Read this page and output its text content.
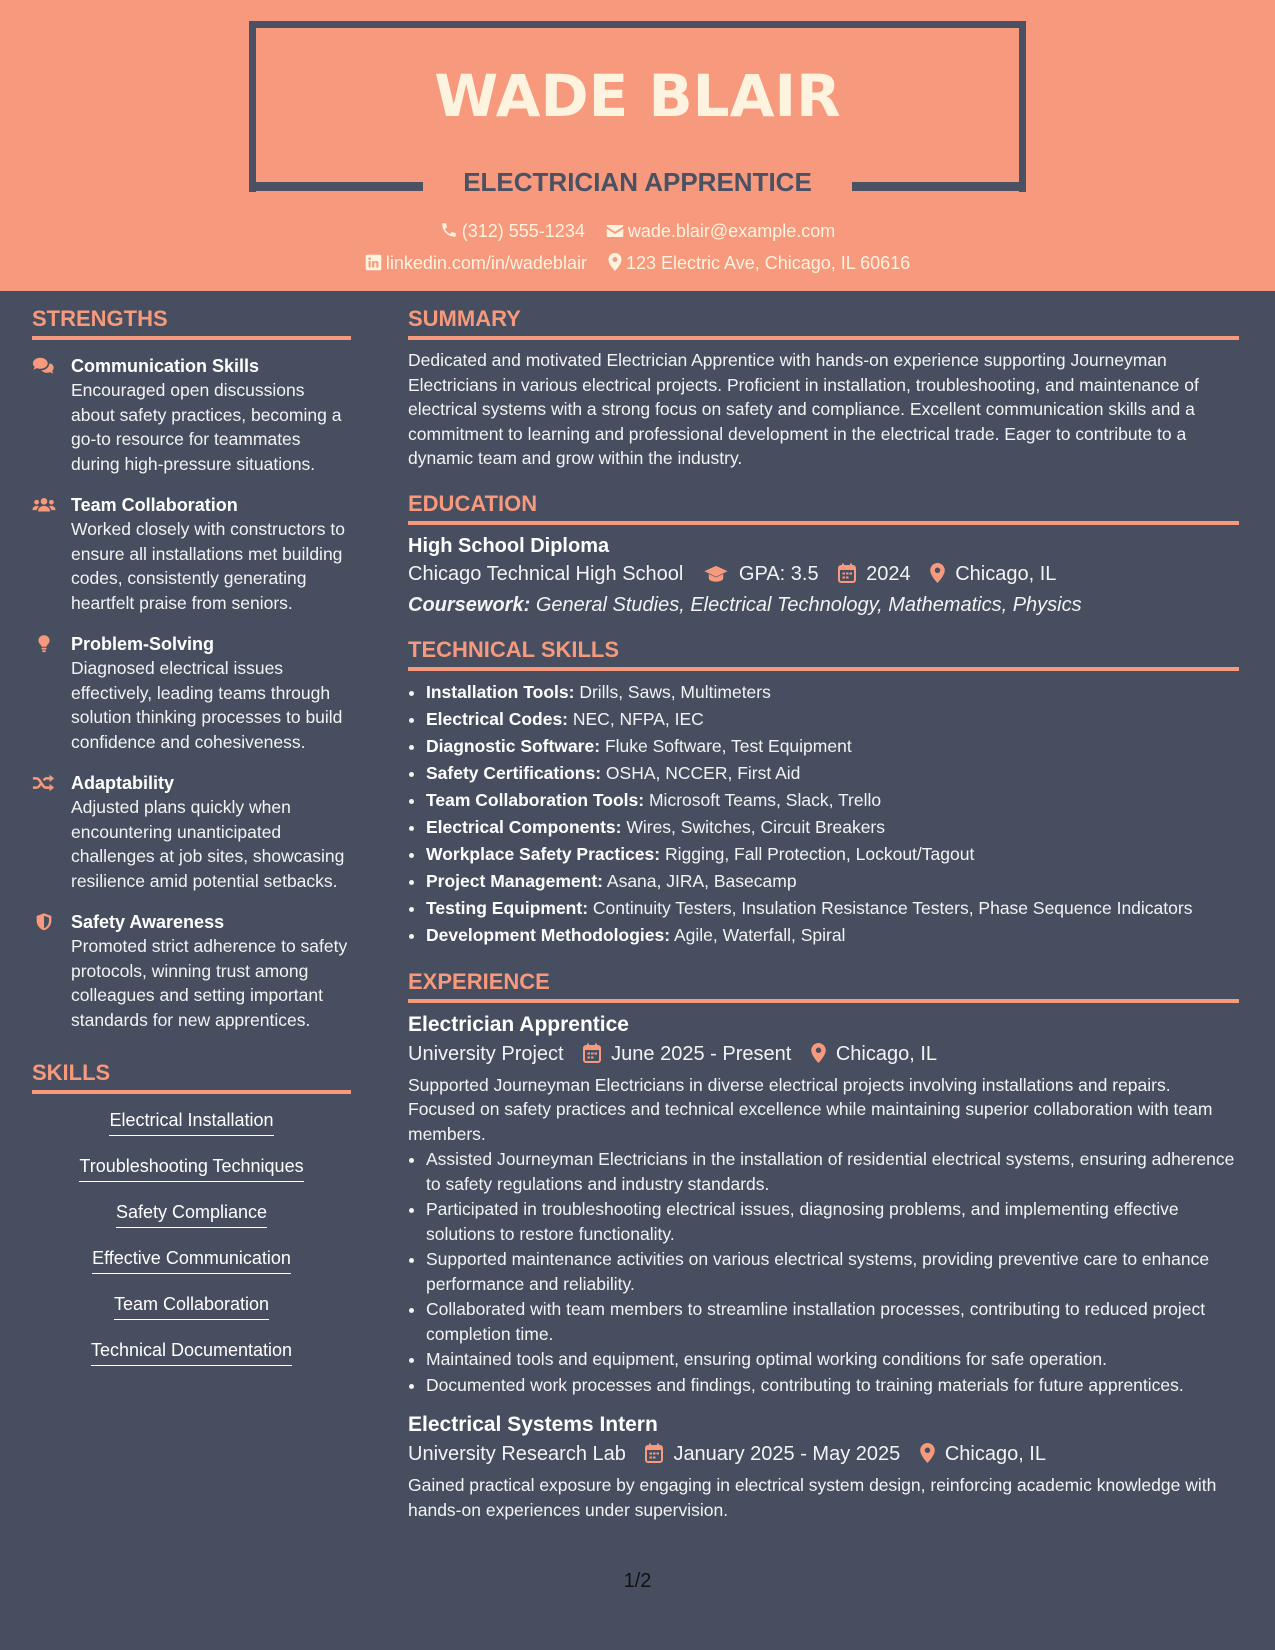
WADE BLAIR
ELECTRICIAN APPRENTICE
(312) 555-1234 wade.blair@example.com
linkedin.com/in/wadeblair 123 Electric Ave, Chicago, IL 60616
STRENGTHS
Communication Skills
Encouraged open discussions about safety practices, becoming a go-to resource for teammates during high-pressure situations.
Team Collaboration
Worked closely with constructors to ensure all installations met building codes, consistently generating heartfelt praise from seniors.
Problem-Solving
Diagnosed electrical issues effectively, leading teams through solution thinking processes to build confidence and cohesiveness.
Adaptability
Adjusted plans quickly when encountering unanticipated challenges at job sites, showcasing resilience amid potential setbacks.
Safety Awareness
Promoted strict adherence to safety protocols, winning trust among colleagues and setting important standards for new apprentices.
SKILLS
Electrical Installation
Troubleshooting Techniques
Safety Compliance
Effective Communication
Team Collaboration
Technical Documentation
SUMMARY
Dedicated and motivated Electrician Apprentice with hands-on experience supporting Journeyman Electricians in various electrical projects. Proficient in installation, troubleshooting, and maintenance of electrical systems with a strong focus on safety and compliance. Excellent communication skills and a commitment to learning and professional development in the electrical trade. Eager to contribute to a dynamic team and grow within the industry.
EDUCATION
High School Diploma
Chicago Technical High School	GPA: 3.5 2024 Chicago, IL
Coursework: General Studies, Electrical Technology, Mathematics, Physics
TECHNICAL SKILLS
• Installation Tools: Drills, Saws, Multimeters
• Electrical Codes: NEC, NFPA, IEC
• Diagnostic Software: Fluke Software, Test Equipment
• Safety Certifications: OSHA, NCCER, First Aid
• Team Collaboration Tools: Microsoft Teams, Slack, Trello
• Electrical Components: Wires, Switches, Circuit Breakers
• Workplace Safety Practices: Rigging, Fall Protection, Lockout/Tagout
• Project Management: Asana, JIRA, Basecamp
• Testing Equipment: Continuity Testers, Insulation Resistance Testers, Phase Sequence Indicators
• Development Methodologies: Agile, Waterfall, Spiral
EXPERIENCE
Electrician Apprentice
University Project June 2025 - Present Chicago, IL
Supported Journeyman Electricians in diverse electrical projects involving installations and repairs. Focused on safety practices and technical excellence while maintaining superior collaboration with team members.
• Assisted Journeyman Electricians in the installation of residential electrical systems, ensuring adherence to safety regulations and industry standards.
• Participated in troubleshooting electrical issues, diagnosing problems, and implementing effective solutions to restore functionality.
• Supported maintenance activities on various electrical systems, providing preventive care to enhance performance and reliability.
• Collaborated with team members to streamline installation processes, contributing to reduced project completion time.
• Maintained tools and equipment, ensuring optimal working conditions for safe operation.
• Documented work processes and findings, contributing to training materials for future apprentices.
Electrical Systems Intern
University Research Lab January 2025 - May 2025 Chicago, IL
Gained practical exposure by engaging in electrical system design, reinforcing academic knowledge with hands-on experiences under supervision.
1/2
